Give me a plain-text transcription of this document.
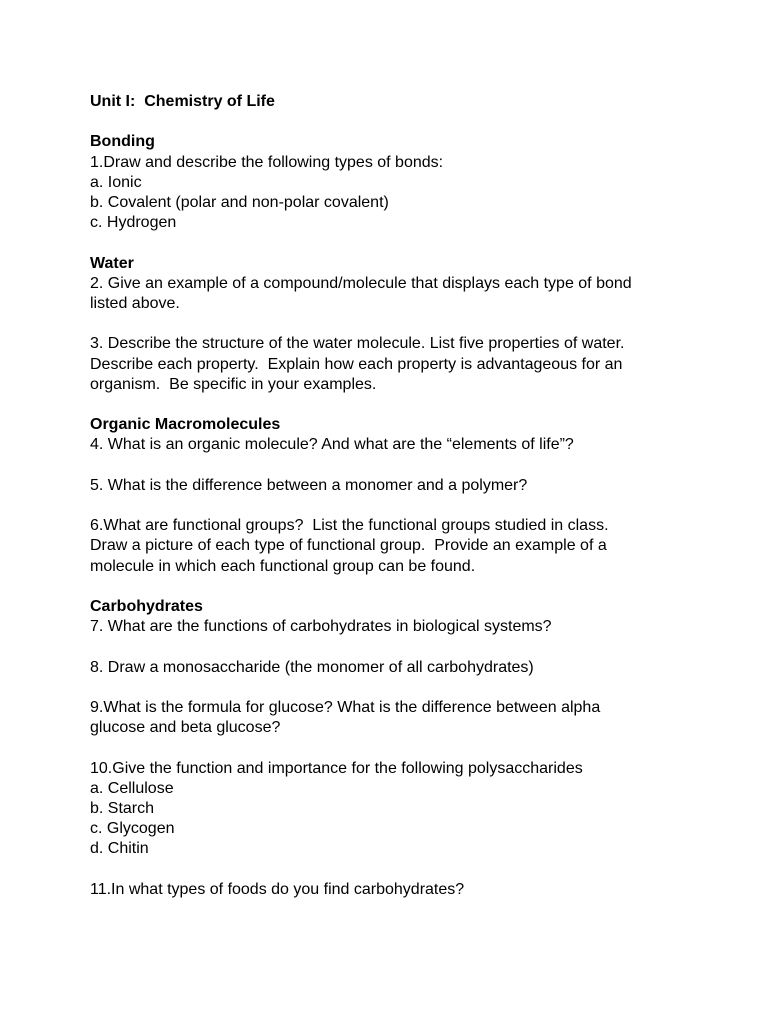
Unit I:  Chemistry of Life
Bonding
1.Draw and describe the following types of bonds:
a. Ionic
b. Covalent (polar and non-polar covalent)
c. Hydrogen
Water
2. Give an example of a compound/molecule that displays each type of bond
listed above.
3. Describe the structure of the water molecule. List five properties of water.
Describe each property.  Explain how each property is advantageous for an
organism.  Be specific in your examples.
Organic Macromolecules
4. What is an organic molecule? And what are the “elements of life”?
5. What is the difference between a monomer and a polymer?
6.What are functional groups?  List the functional groups studied in class.
Draw a picture of each type of functional group.  Provide an example of a
molecule in which each functional group can be found.
Carbohydrates
7. What are the functions of carbohydrates in biological systems?
8. Draw a monosaccharide (the monomer of all carbohydrates)
9.What is the formula for glucose? What is the difference between alpha
glucose and beta glucose?
10.Give the function and importance for the following polysaccharides
a. Cellulose
b. Starch
c. Glycogen
d. Chitin
11.In what types of foods do you find carbohydrates?
